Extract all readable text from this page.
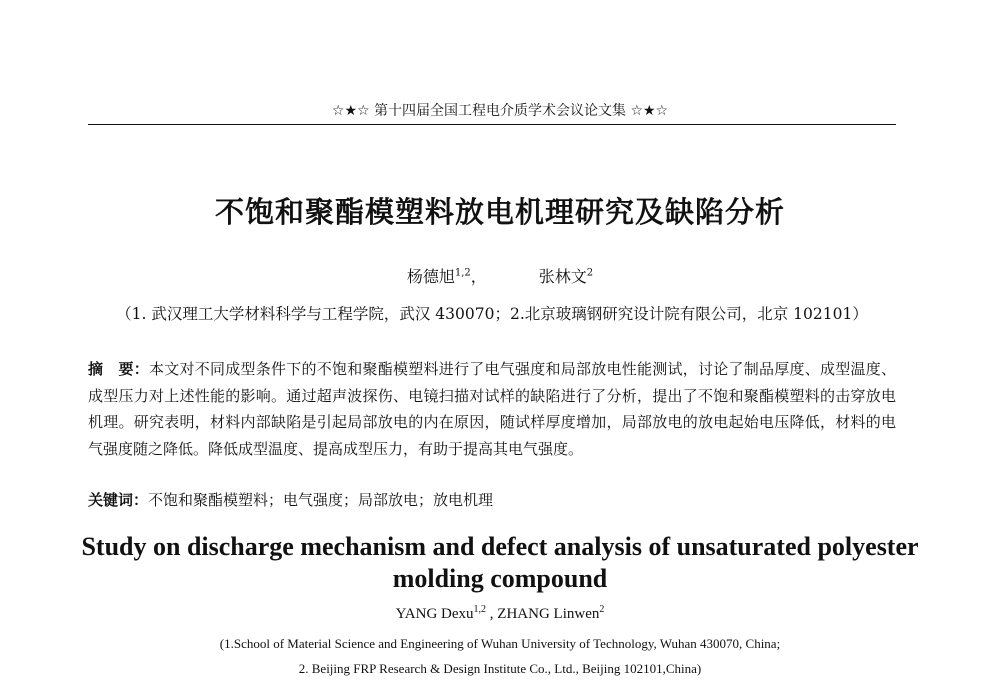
☆★☆ 第十四届全国工程电介质学术会议论文集 ☆★☆
不饱和聚酯模塑料放电机理研究及缺陷分析
杨德旭$^{1,2}$，	张林文$^2$
（1. 武汉理工大学材料科学与工程学院，武汉 430070；2.北京玻璃钢研究设计院有限公司，北京 102101）
摘　要：本文对不同成型条件下的不饱和聚酯模塑料进行了电气强度和局部放电性能测试，讨论了制品厚度、成型温度、成型压力对上述性能的影响。通过超声波探伤、电镜扫描对试样的缺陷进行了分析，提出了不饱和聚酯模塑料的击穿放电机理。研究表明，材料内部缺陷是引起局部放电的内在原因，随试样厚度增加，局部放电的放电起始电压降低，材料的电气强度随之降低。降低成型温度、提高成型压力，有助于提高其电气强度。
关键词：不饱和聚酯模塑料；电气强度；局部放电；放电机理
Study on discharge mechanism and defect analysis of unsaturated polyester molding compound
YANG Dexu$^{1,2}$ , ZHANG Linwen$^2$
(1.School of Material Science and Engineering of Wuhan University of Technology, Wuhan 430070, China;
2. Beijing FRP Research & Design Institute Co., Ltd., Beijing 102101,China)
